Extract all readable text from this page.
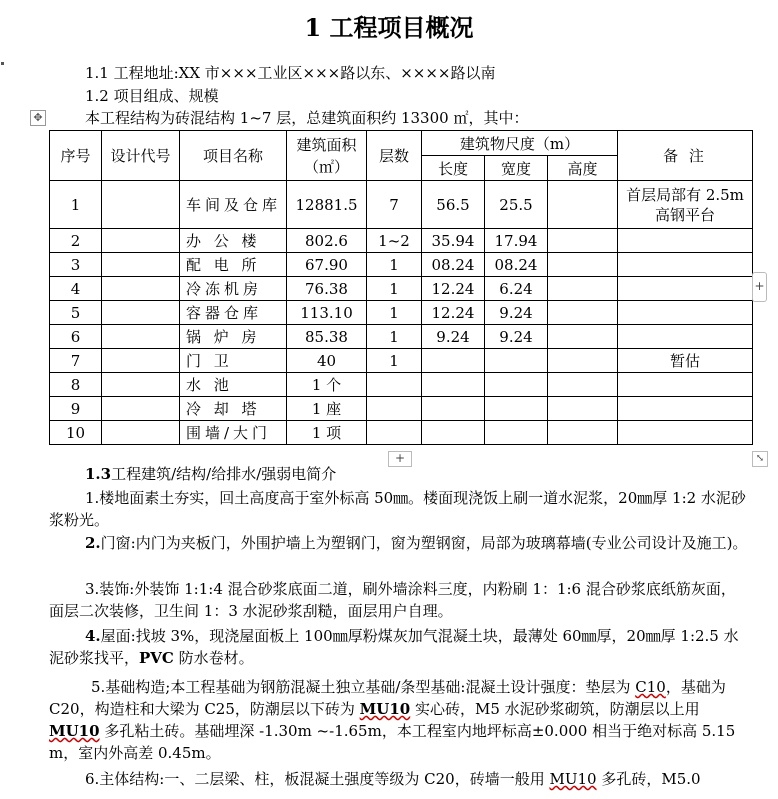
1 工程项目概况
1.1 工程地址:XX 市×××工业区×××路以东、××××路以南
1.2 项目组成、规模
本工程结构为砖混结构 1~7 层，总建筑面积约 13300 ㎡，其中：
✥
序号	设计代号	项目名称	建筑面积（㎡）	层数	建筑物尺度（m）			备 注
					长度	宽度	高度	
1		车间及仓库	12881.5	7	56.5	25.5		首层局部有 2.5m 高钢平台
2		办 公 楼	802.6	1~2	35.94	17.94		
3		配 电 所	67.90	1	08.24	08.24		
4		冷冻机房	76.38	1	12.24	6.24		
5		容器仓库	113.10	1	12.24	9.24		
6		锅 炉 房	85.38	1	9.24	9.24		
7		门 卫	40	1				暂估
8		水 池	1 个					
9		冷 却 塔	1 座					
10		围墙/大门	1 项					
+
+	⤡
1.3工程建筑/结构/给排水/强弱电简介
1.楼地面素土夯实，回土高度高于室外标高 50㎜。楼面现浇饭上刷一道水泥浆，20㎜厚 1:2 水泥砂浆粉光。
2.门窗:内门为夹板门，外围护墙上为塑钢门，窗为塑钢窗，局部为玻璃幕墙(专业公司设计及施工)。
3.装饰:外装饰 1:1:4 混合砂浆底面二道，刷外墙涂料三度，内粉刷 1：1:6 混合砂浆底纸筋灰面，面层二次装修，卫生间 1：3 水泥砂浆刮糙，面层用户自理。
4.屋面:找坡 3%，现浇屋面板上 100㎜厚粉煤灰加气混凝土块，最薄处 60㎜厚，20㎜厚 1:2.5 水泥砂浆找平，PVC 防水卷材。
5.基础构造;本工程基础为钢筋混凝土独立基础/条型基础:混凝土设计强度：垫层为 C10，基础为 C20，构造柱和大梁为 C25，防潮层以下砖为 MU10 实心砖，M5 水泥砂浆砌筑，防潮层以上用 MU10 多孔粘土砖。基础埋深 -1.30m ~-1.65m，本工程室内地坪标高±0.000 相当于绝对标高 5.15 m，室内外高差 0.45m。
6.主体结构:一、二层梁、柱，板混凝土强度等级为 C20，砖墙一般用 MU10 多孔砖，M5.0
